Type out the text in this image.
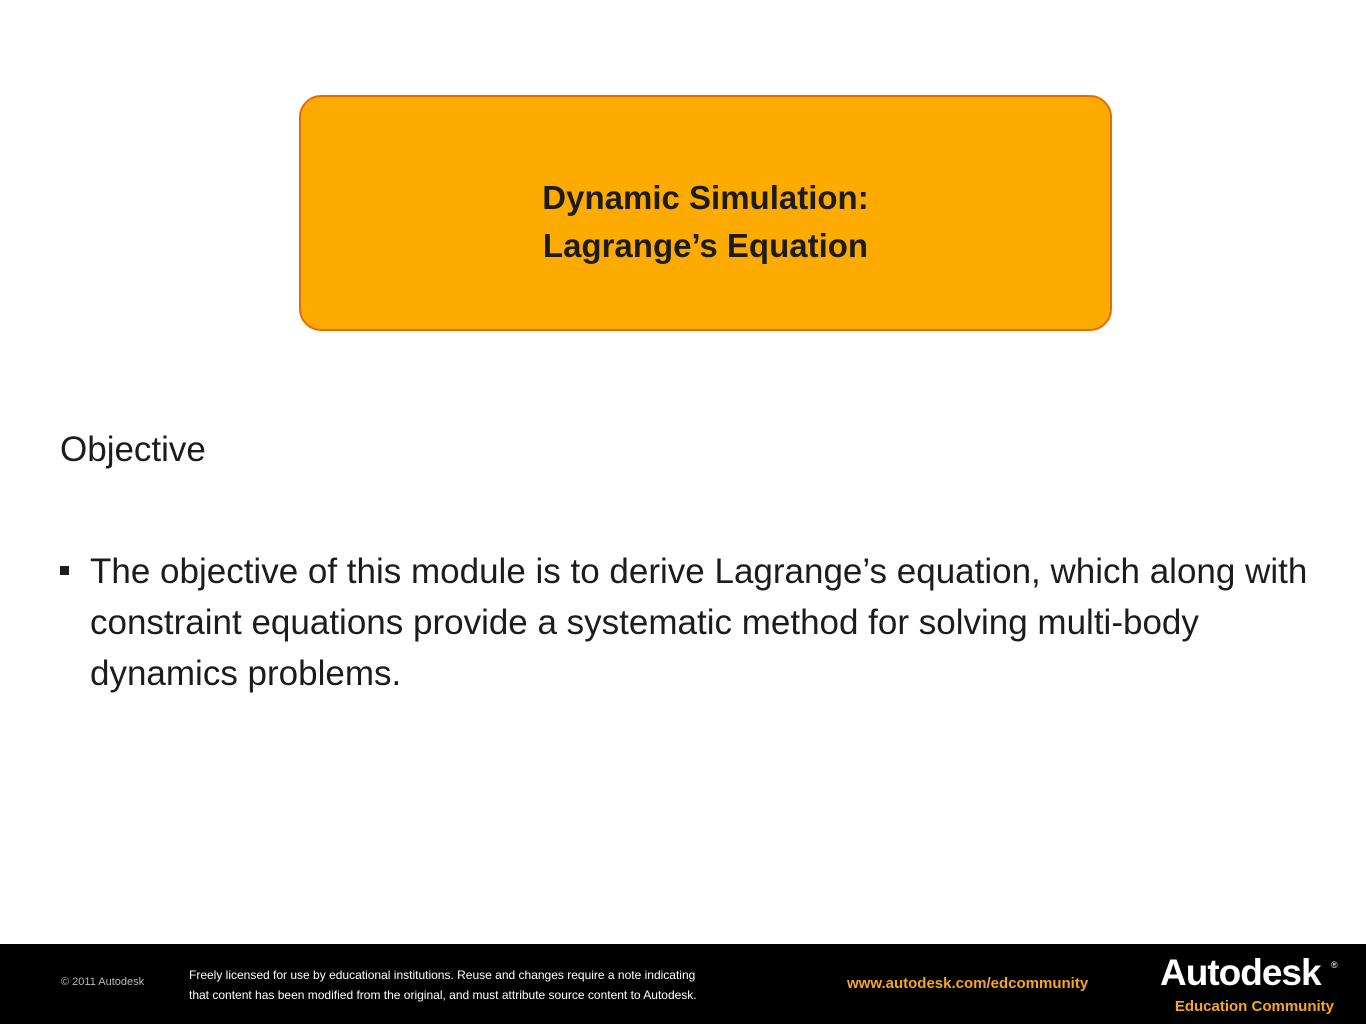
Dynamic Simulation:
Lagrange’s Equation
Objective
The objective of this module is to derive Lagrange’s equation, which along with constraint equations provide a systematic method for solving multi-body dynamics problems.
© 2011 Autodesk	Freely licensed for use by educational institutions. Reuse and changes require a note indicating
that content has been modified from the original, and must attribute source content to Autodesk.
www.autodesk.com/edcommunity Autodesk ®
Education Community
